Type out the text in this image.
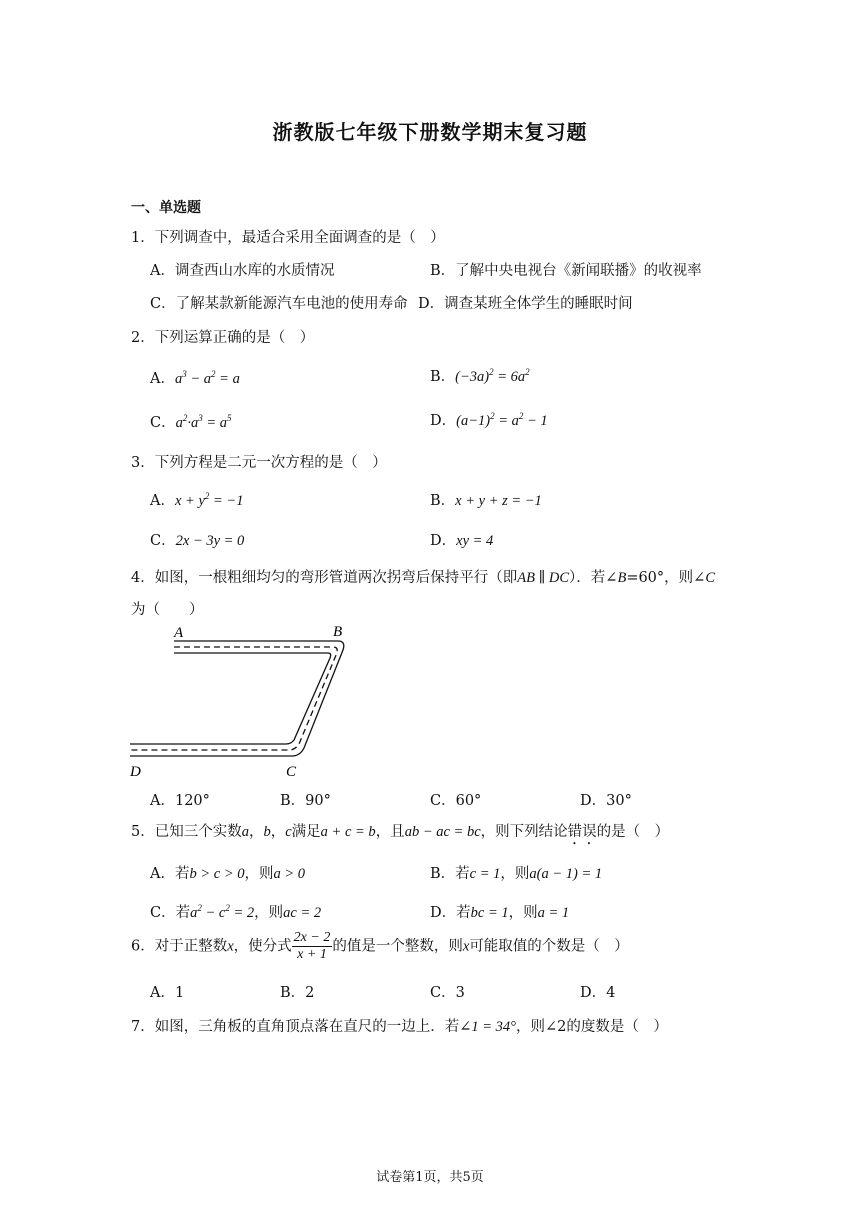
浙教版七年级下册数学期末复习题
一、单选题
1．下列调查中，最适合采用全面调查的是（　）
A．调查西山水库的水质情况	B．了解中央电视台《新闻联播》的收视率
C．了解某款新能源汽车电池的使用寿命 D．调查某班全体学生的睡眠时间
2．下列运算正确的是（　）
A．$a^3 - a^2 = a$	B．$(-3a)^2 = 6a^2$
C．$a^2\cdot a^3 = a^5$	D．$(a-1)^2 = a^2 - 1$
3．下列方程是二元一次方程的是（　）
A．$x + y^2 = -1$	B．x + y + z = −1
C．2x − 3y = 0	D．xy = 4
4．如图，一根粗细均匀的弯形管道两次拐弯后保持平行（即AB ∥ DC）．若∠B=60°，则∠C
为（　　）
A	B
C
D
A．120°	B．90°	C．60°	D．30°
5．已知三个实数a，b，c满足a + c = b，且ab − ac = bc，则下列结论错误的是（　）
A．若b > c > 0，则a > 0	B．若c = 1，则a(a − 1) = 1
C．若$a^2 - c^2 = 2$，则ac = 2	D．若bc = 1，则a = 1
6．对于正整数x，使分式 $\frac{2x - 2}{x + 1}$ 的值是一个整数，则x可能取值的个数是（　）
A．1	B．2	C．3	D．4
7．如图，三角板的直角顶点落在直尺的一边上．若∠1 = 34°，则∠2的度数是（　）
试卷第1页，共5页
